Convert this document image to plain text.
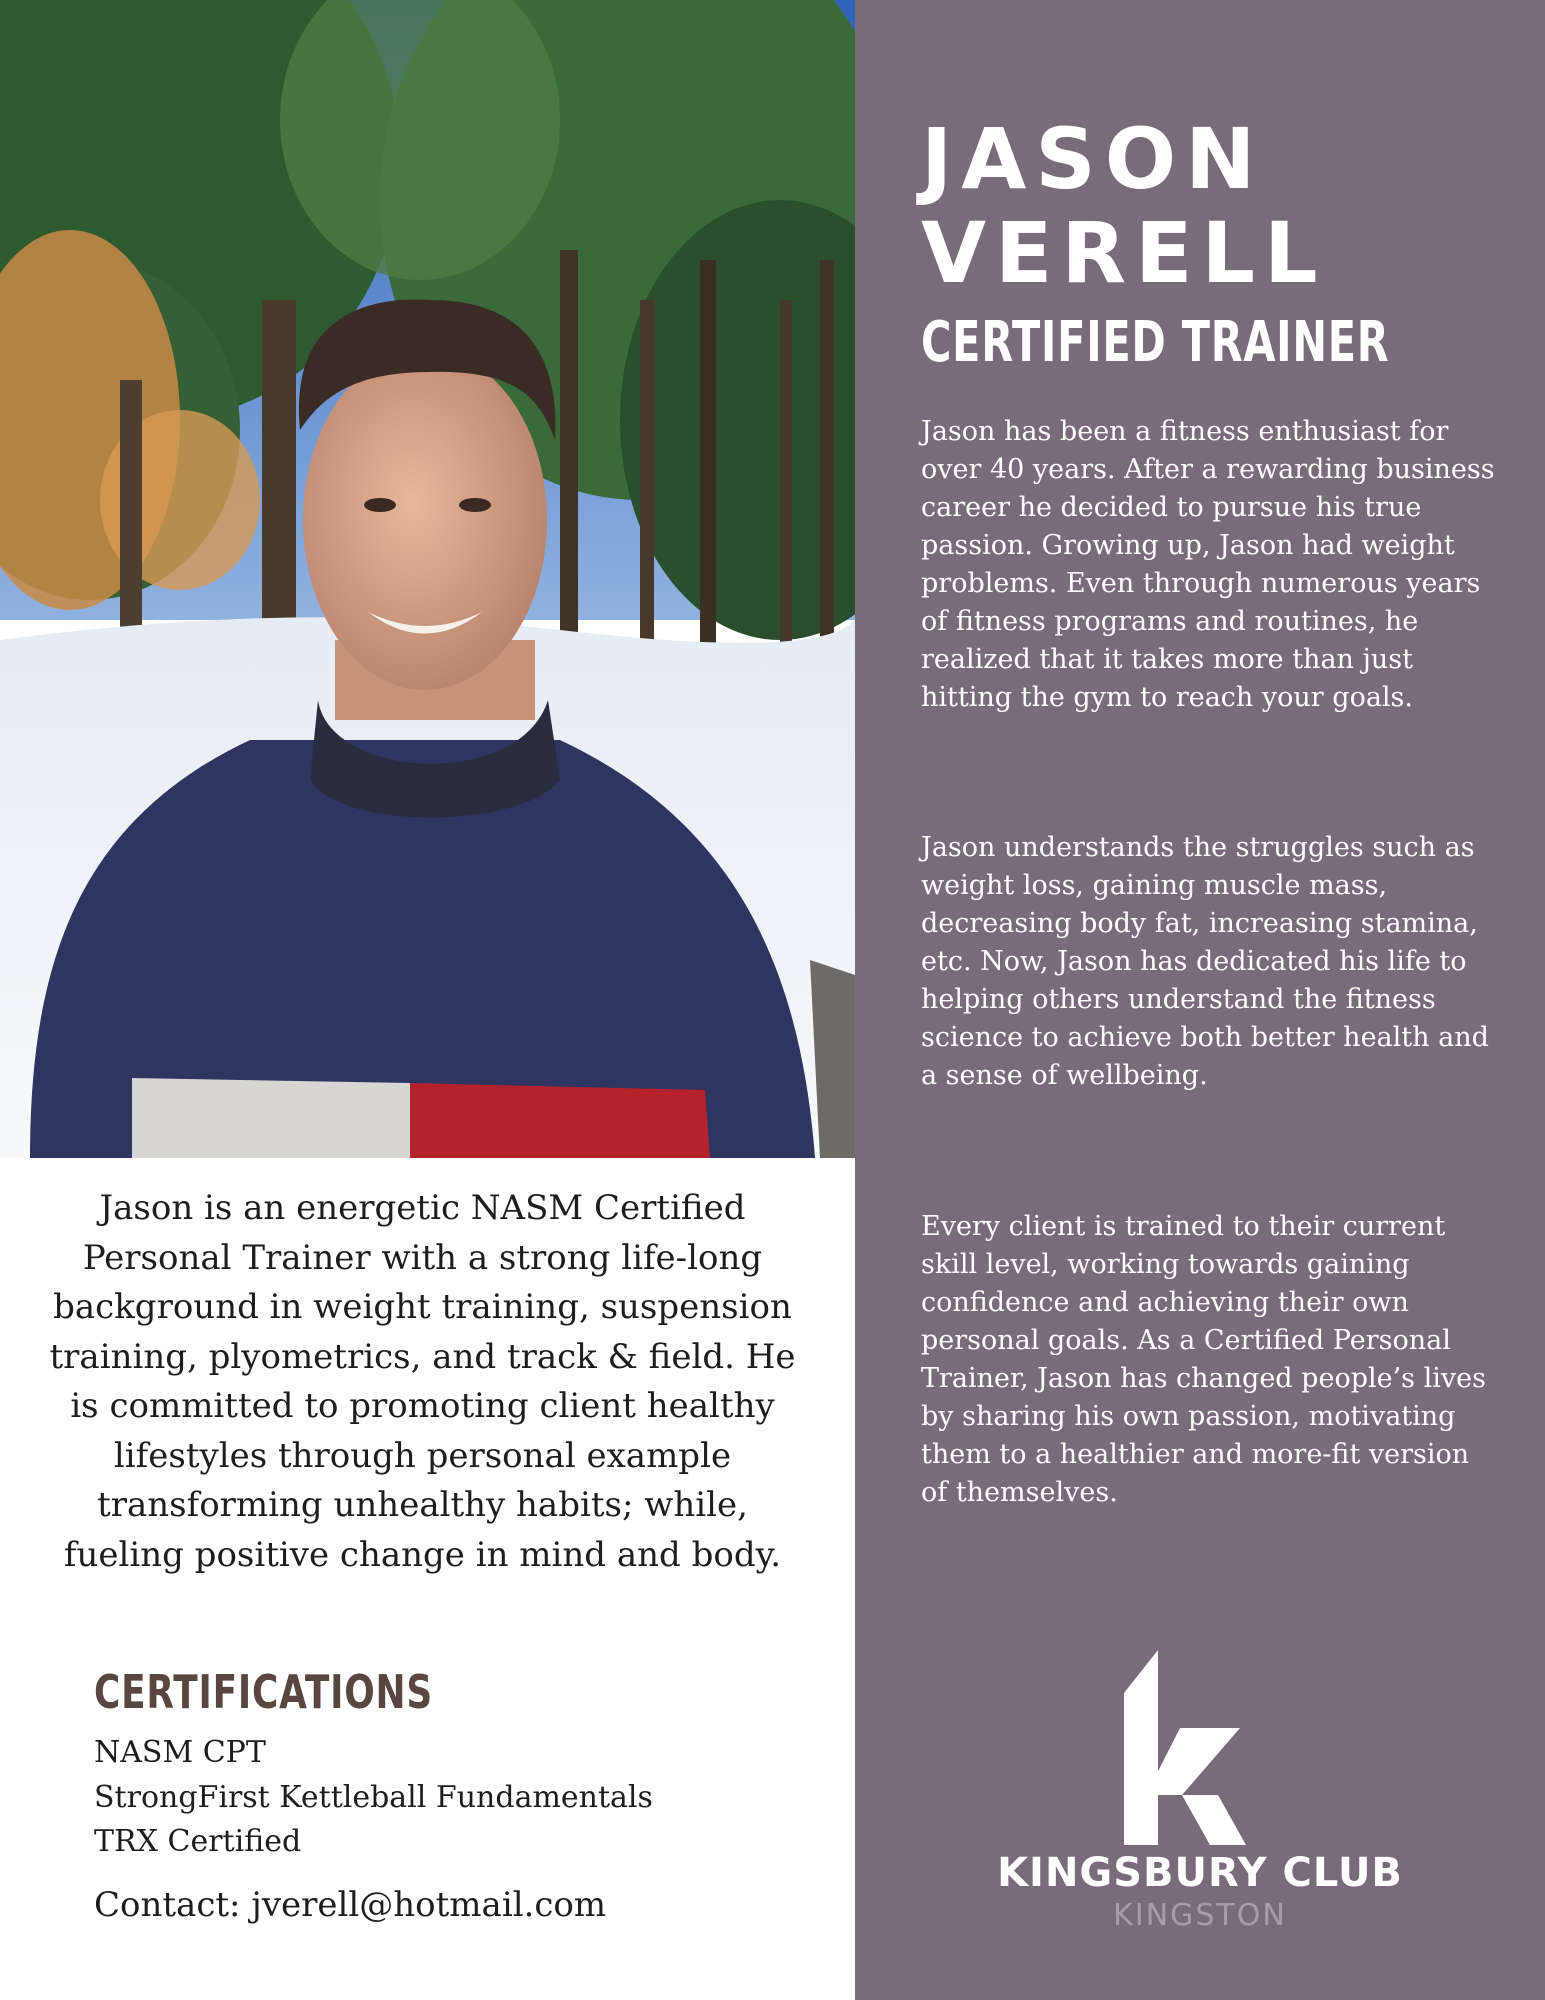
Jason is an energetic NASM Certified Personal Trainer with a strong life-long background in weight training, suspension training, plyometrics, and track & field. He is committed to promoting client healthy lifestyles through personal example transforming unhealthy habits; while, fueling positive change in mind and body.

CERTIFICATIONS
NASM CPT
StrongFirst Kettleball Fundamentals
TRX Certified

Contact: jverell@hotmail.com

JASON
VERELL
CERTIFIED TRAINER

Jason has been a fitness enthusiast for over 40 years. After a rewarding business career he decided to pursue his true passion. Growing up, Jason had weight problems. Even through numerous years of fitness programs and routines, he realized that it takes more than just hitting the gym to reach your goals.

Jason understands the struggles such as weight loss, gaining muscle mass, decreasing body fat, increasing stamina, etc. Now, Jason has dedicated his life to helping others understand the fitness science to achieve both better health and a sense of wellbeing.

Every client is trained to their current skill level, working towards gaining confidence and achieving their own personal goals. As a Certified Personal Trainer, Jason has changed people’s lives by sharing his own passion, motivating them to a healthier and more-fit version of themselves.

KINGSBURY CLUB
KINGSTON
